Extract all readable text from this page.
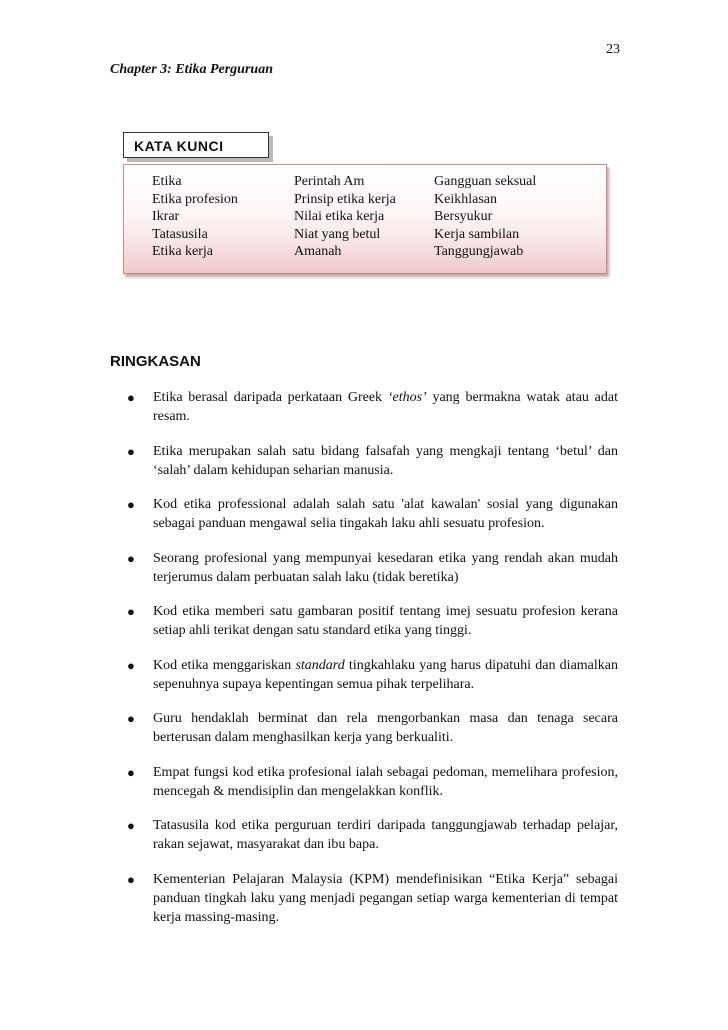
23
Chapter 3: Etika Perguruan
KATA KUNCI
Etika
Etika profesion
Ikrar
Tatasusila
Etika kerja
Perintah Am
Prinsip etika kerja
Nilai etika kerja
Niat yang betul
Amanah
Gangguan seksual
Keikhlasan
Bersyukur
Kerja sambilan
Tanggungjawab
RINGKASAN
● Etika berasal daripada perkataan Greek ‘ethos’ yang bermakna watak atau adat resam.
● Etika merupakan salah satu bidang falsafah yang mengkaji tentang ‘betul’ dan ‘salah’ dalam kehidupan seharian manusia.
● Kod etika professional adalah salah satu 'alat kawalan' sosial yang digunakan sebagai panduan mengawal selia tingakah laku ahli sesuatu profesion.
● Seorang profesional yang mempunyai kesedaran etika yang rendah akan mudah terjerumus dalam perbuatan salah laku (tidak beretika)
● Kod etika memberi satu gambaran positif tentang imej sesuatu profesion kerana setiap ahli terikat dengan satu standard etika yang tinggi.
● Kod etika menggariskan standard tingkahlaku yang harus dipatuhi dan diamalkan sepenuhnya supaya kepentingan semua pihak terpelihara.
● Guru hendaklah berminat dan rela mengorbankan masa dan tenaga secara berterusan dalam menghasilkan kerja yang berkualiti.
● Empat fungsi kod etika profesional ialah sebagai pedoman, memelihara profesion, mencegah & mendisiplin dan mengelakkan konflik.
● Tatasusila kod etika perguruan terdiri daripada tanggungjawab terhadap pelajar, rakan sejawat, masyarakat dan ibu bapa.
● Kementerian Pelajaran Malaysia (KPM) mendefinisikan “Etika Kerja” sebagai panduan tingkah laku yang menjadi pegangan setiap warga kementerian di tempat kerja massing-masing.
